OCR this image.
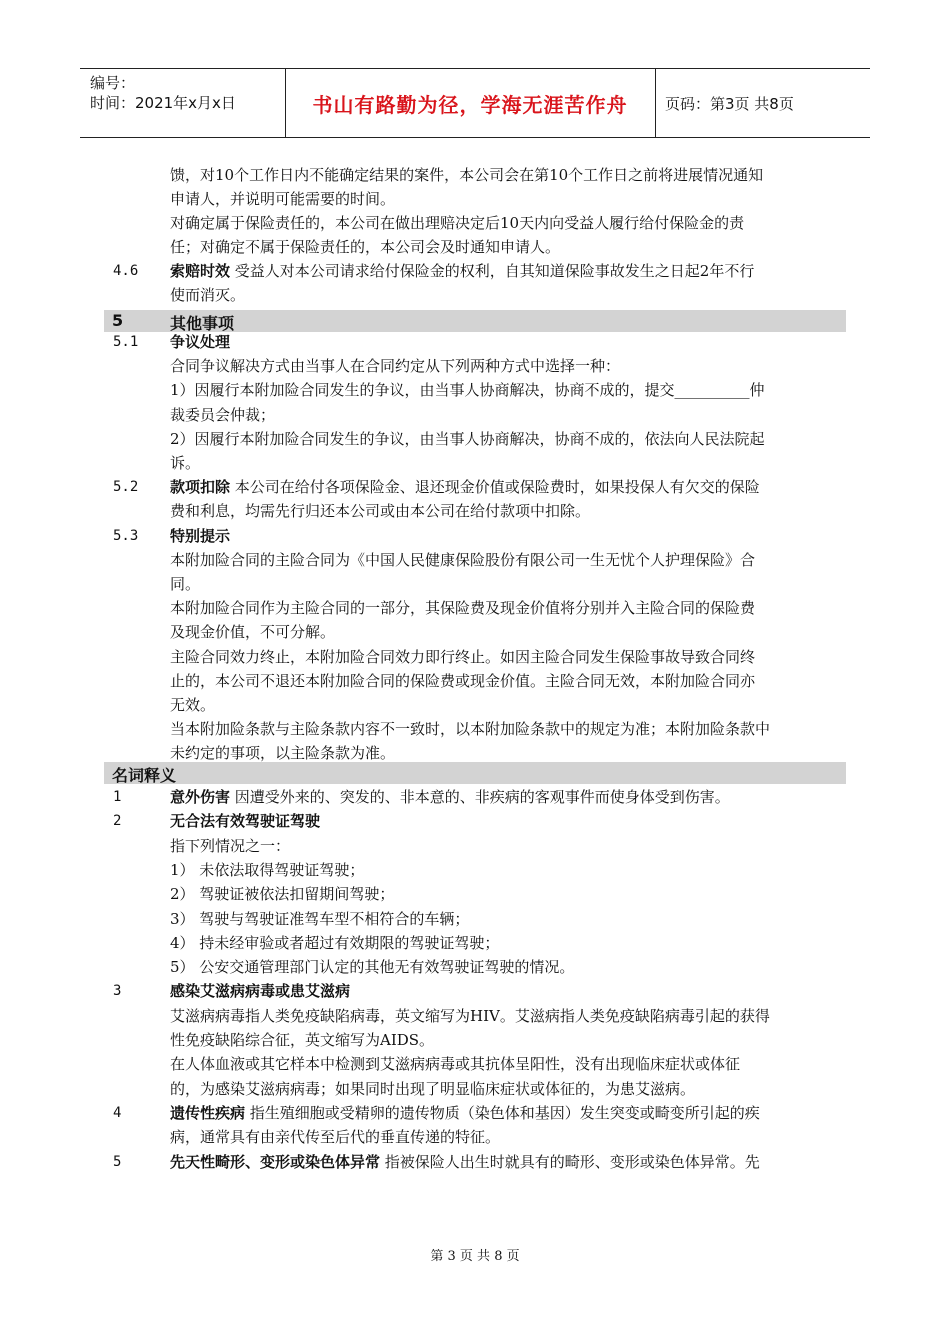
编号：
时间：2021年x月x日	书山有路勤为径，学海无涯苦作舟	页码：第3页 共8页
馈，对10个工作日内不能确定结果的案件，本公司会在第10个工作日之前将进展情况通知
申请人，并说明可能需要的时间。
对确定属于保险责任的，本公司在做出理赔决定后10天内向受益人履行给付保险金的责
任；对确定不属于保险责任的，本公司会及时通知申请人。
4.6 索赔时效 受益人对本公司请求给付保险金的权利，自其知道保险事故发生之日起2年不行
使而消灭。
5	其他事项
5.1 争议处理
合同争议解决方式由当事人在合同约定从下列两种方式中选择一种：
1）因履行本附加险合同发生的争议，由当事人协商解决，协商不成的，提交__________仲
裁委员会仲裁；
2）因履行本附加险合同发生的争议，由当事人协商解决，协商不成的，依法向人民法院起
诉。
5.2 款项扣除 本公司在给付各项保险金、退还现金价值或保险费时，如果投保人有欠交的保险
费和利息，均需先行归还本公司或由本公司在给付款项中扣除。
5.3 特别提示
本附加险合同的主险合同为《中国人民健康保险股份有限公司一生无忧个人护理保险》合
同。
本附加险合同作为主险合同的一部分，其保险费及现金价值将分别并入主险合同的保险费
及现金价值，不可分解。
主险合同效力终止，本附加险合同效力即行终止。如因主险合同发生保险事故导致合同终
止的，本公司不退还本附加险合同的保险费或现金价值。主险合同无效，本附加险合同亦
无效。
当本附加险条款与主险条款内容不一致时，以本附加险条款中的规定为准；本附加险条款中
未约定的事项，以主险条款为准。
名词释义
1	意外伤害 因遭受外来的、突发的、非本意的、非疾病的客观事件而使身体受到伤害。
2	无合法有效驾驶证驾驶
指下列情况之一：
1） 未依法取得驾驶证驾驶；
2） 驾驶证被依法扣留期间驾驶；
3） 驾驶与驾驶证准驾车型不相符合的车辆；
4） 持未经审验或者超过有效期限的驾驶证驾驶；
5） 公安交通管理部门认定的其他无有效驾驶证驾驶的情况。
3	感染艾滋病病毒或患艾滋病
艾滋病病毒指人类免疫缺陷病毒，英文缩写为HIV。艾滋病指人类免疫缺陷病毒引起的获得
性免疫缺陷综合征，英文缩写为AIDS。
在人体血液或其它样本中检测到艾滋病病毒或其抗体呈阳性，没有出现临床症状或体征
的，为感染艾滋病病毒；如果同时出现了明显临床症状或体征的，为患艾滋病。
4	遗传性疾病 指生殖细胞或受精卵的遗传物质（染色体和基因）发生突变或畸变所引起的疾
病，通常具有由亲代传至后代的垂直传递的特征。
5	先天性畸形、变形或染色体异常 指被保险人出生时就具有的畸形、变形或染色体异常。先
第 3 页 共 8 页
